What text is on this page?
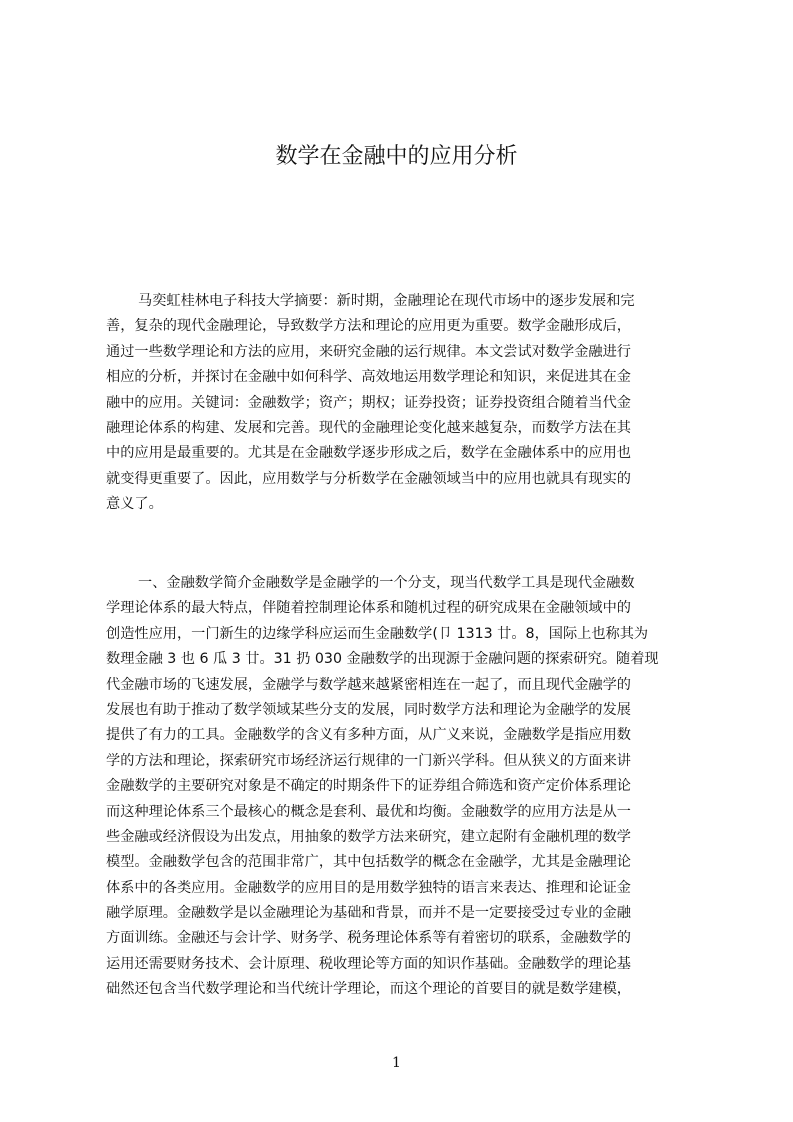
数学在金融中的应用分析
马奕虹桂林电子科技大学摘要：新时期，金融理论在现代市场中的逐步发展和完
善，复杂的现代金融理论，导致数学方法和理论的应用更为重要。数学金融形成后，
通过一些数学理论和方法的应用，来研究金融的运行规律。本文尝试对数学金融进行
相应的分析，并探讨在金融中如何科学、高效地运用数学理论和知识，来促进其在金
融中的应用。关键词：金融数学；资产；期权；证券投资；证券投资组合随着当代金
融理论体系的构建、发展和完善。现代的金融理论变化越来越复杂，而数学方法在其
中的应用是最重要的。尤其是在金融数学逐步形成之后，数学在金融体系中的应用也
就变得更重要了。因此，应用数学与分析数学在金融领域当中的应用也就具有现实的
意义了。
一、金融数学简介金融数学是金融学的一个分支，现当代数学工具是现代金融数
学理论体系的最大特点，伴随着控制理论体系和随机过程的研究成果在金融领域中的
创造性应用，一门新生的边缘学科应运而生金融数学(卩 1313 廿。8，国际上也称其为
数理金融 3 也 6 瓜 3 廿。31 扔 030 金融数学的出现源于金融问题的探索研究。随着现
代金融市场的飞速发展，金融学与数学越来越紧密相连在一起了，而且现代金融学的
发展也有助于推动了数学领域某些分支的发展，同时数学方法和理论为金融学的发展
提供了有力的工具。金融数学的含义有多种方面，从广义来说，金融数学是指应用数
学的方法和理论，探索研究市场经济运行规律的一门新兴学科。但从狭义的方面来讲
金融数学的主要研究对象是不确定的时期条件下的证券组合筛选和资产定价体系理论
而这种理论体系三个最核心的概念是套利、最优和均衡。金融数学的应用方法是从一
些金融或经济假设为出发点，用抽象的数学方法来研究，建立起附有金融机理的数学
模型。金融数学包含的范围非常广，其中包括数学的概念在金融学，尤其是金融理论
体系中的各类应用。金融数学的应用目的是用数学独特的语言来表达、推理和论证金
融学原理。金融数学是以金融理论为基础和背景，而并不是一定要接受过专业的金融
方面训练。金融还与会计学、财务学、税务理论体系等有着密切的联系，金融数学的
运用还需要财务技术、会计原理、税收理论等方面的知识作基础。金融数学的理论基
础然还包含当代数学理论和当代统计学理论，而这个理论的首要目的就是数学建模，
1
